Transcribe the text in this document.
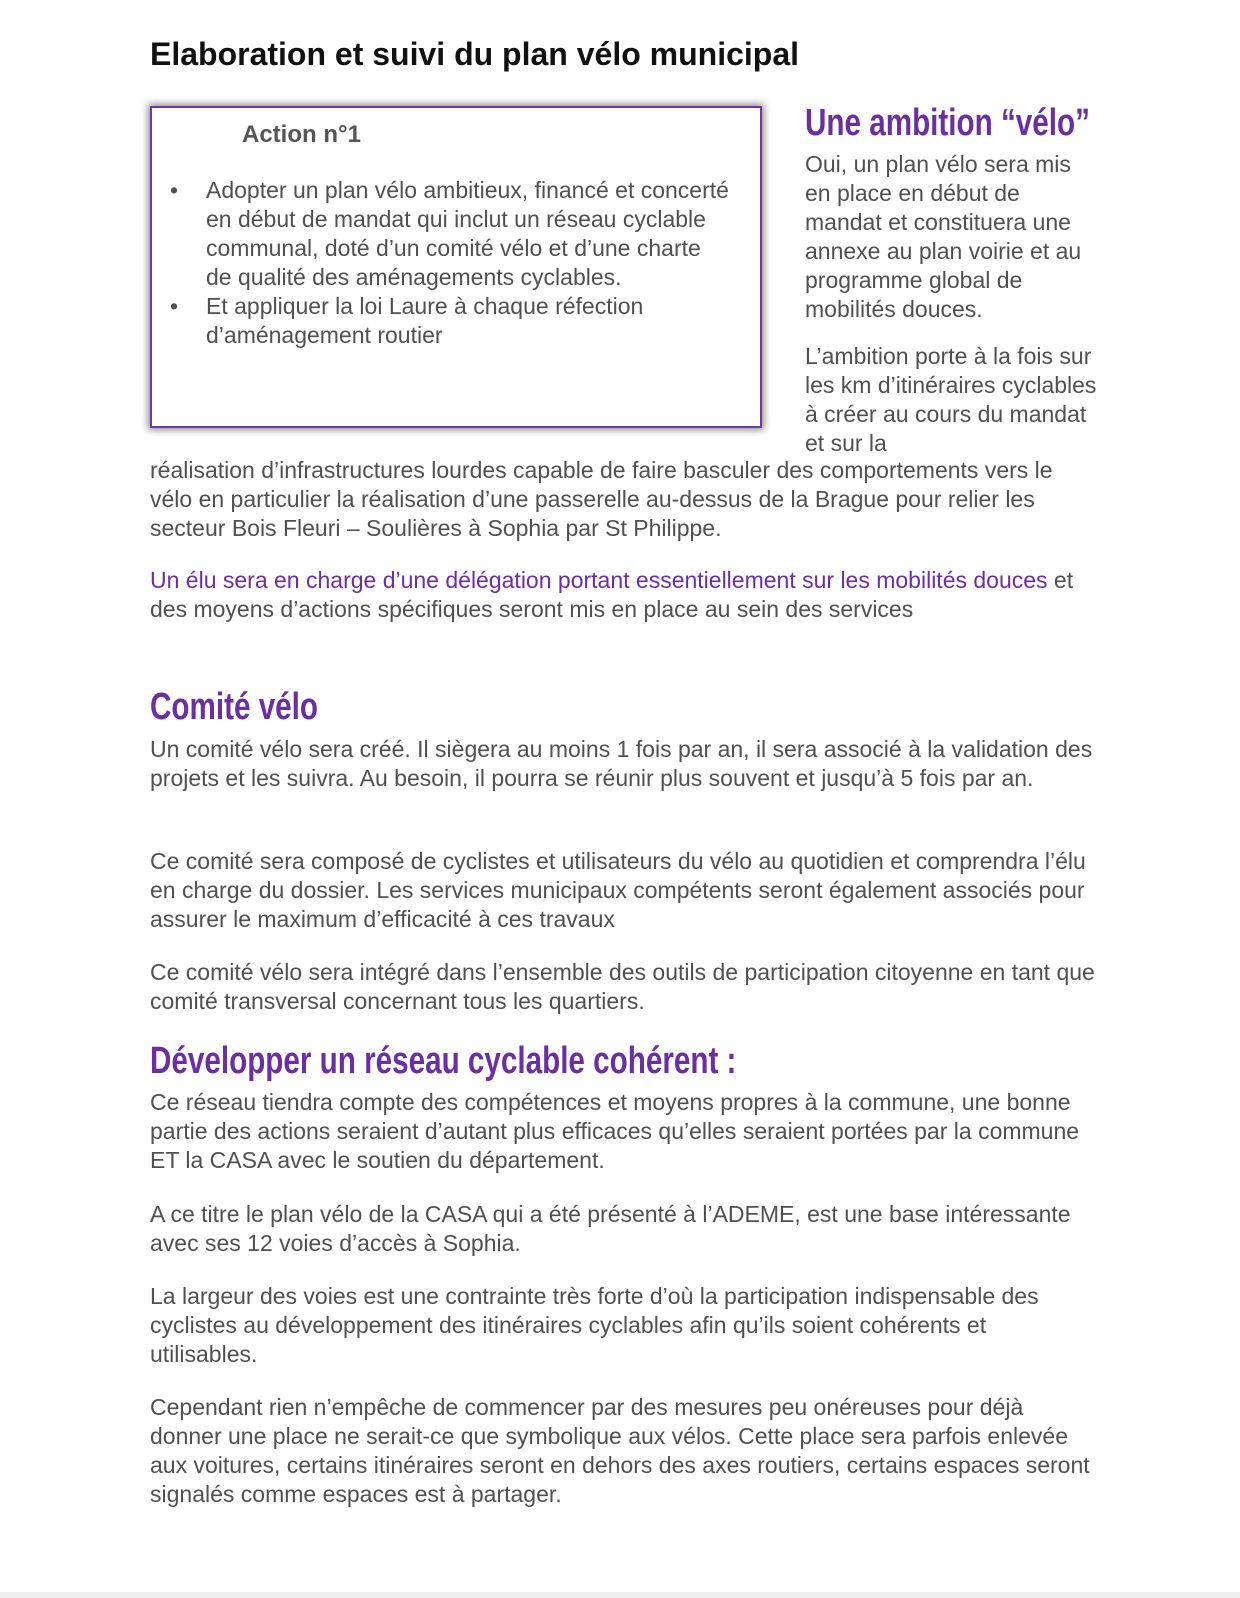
Elaboration et suivi du plan vélo municipal
Action n°1
• Adopter un plan vélo ambitieux, financé et concerté en début de mandat qui inclut un réseau cyclable communal, doté d’un comité vélo et d’une charte de qualité des aménagements cyclables.
• Et appliquer la loi Laure à chaque réfection d’aménagement routier
Une ambition “vélo”

Oui, un plan vélo sera mis en place en début de mandat et constituera une annexe au plan voirie et au programme global de mobilités douces.

L’ambition porte à la fois sur les km d’itinéraires cyclables à créer au cours du mandat et sur la

réalisation d’infrastructures lourdes capable de faire basculer des comportements vers le vélo en particulier la réalisation d’une passerelle au-dessus de la Brague pour relier les secteur Bois Fleuri – Soulières à Sophia par St Philippe.

Un élu sera en charge d’une délégation portant essentiellement sur les mobilités douces et des moyens d’actions spécifiques seront mis en place au sein des services

Comité vélo

Un comité vélo sera créé. Il siègera au moins 1 fois par an, il sera associé à la validation des projets et les suivra. Au besoin, il pourra se réunir plus souvent et jusqu’à 5 fois par an.

Ce comité sera composé de cyclistes et utilisateurs du vélo au quotidien et comprendra l’élu en charge du dossier. Les services municipaux compétents seront également associés pour assurer le maximum d’efficacité à ces travaux

Ce comité vélo sera intégré dans l’ensemble des outils de participation citoyenne en tant que comité transversal concernant tous les quartiers.

Développer un réseau cyclable cohérent :

Ce réseau tiendra compte des compétences et moyens propres à la commune, une bonne partie des actions seraient d’autant plus efficaces qu’elles seraient portées par la commune ET la CASA avec le soutien du département.

A ce titre le plan vélo de la CASA qui a été présenté à l’ADEME, est une base intéressante avec ses 12 voies d’accès à Sophia.

La largeur des voies est une contrainte très forte d’où la participation indispensable des cyclistes au développement des itinéraires cyclables afin qu’ils soient cohérents et utilisables.

Cependant rien n’empêche de commencer par des mesures peu onéreuses pour déjà donner une place ne serait-ce que symbolique aux vélos. Cette place sera parfois enlevée aux voitures, certains itinéraires seront en dehors des axes routiers, certains espaces seront signalés comme espaces est à partager.
